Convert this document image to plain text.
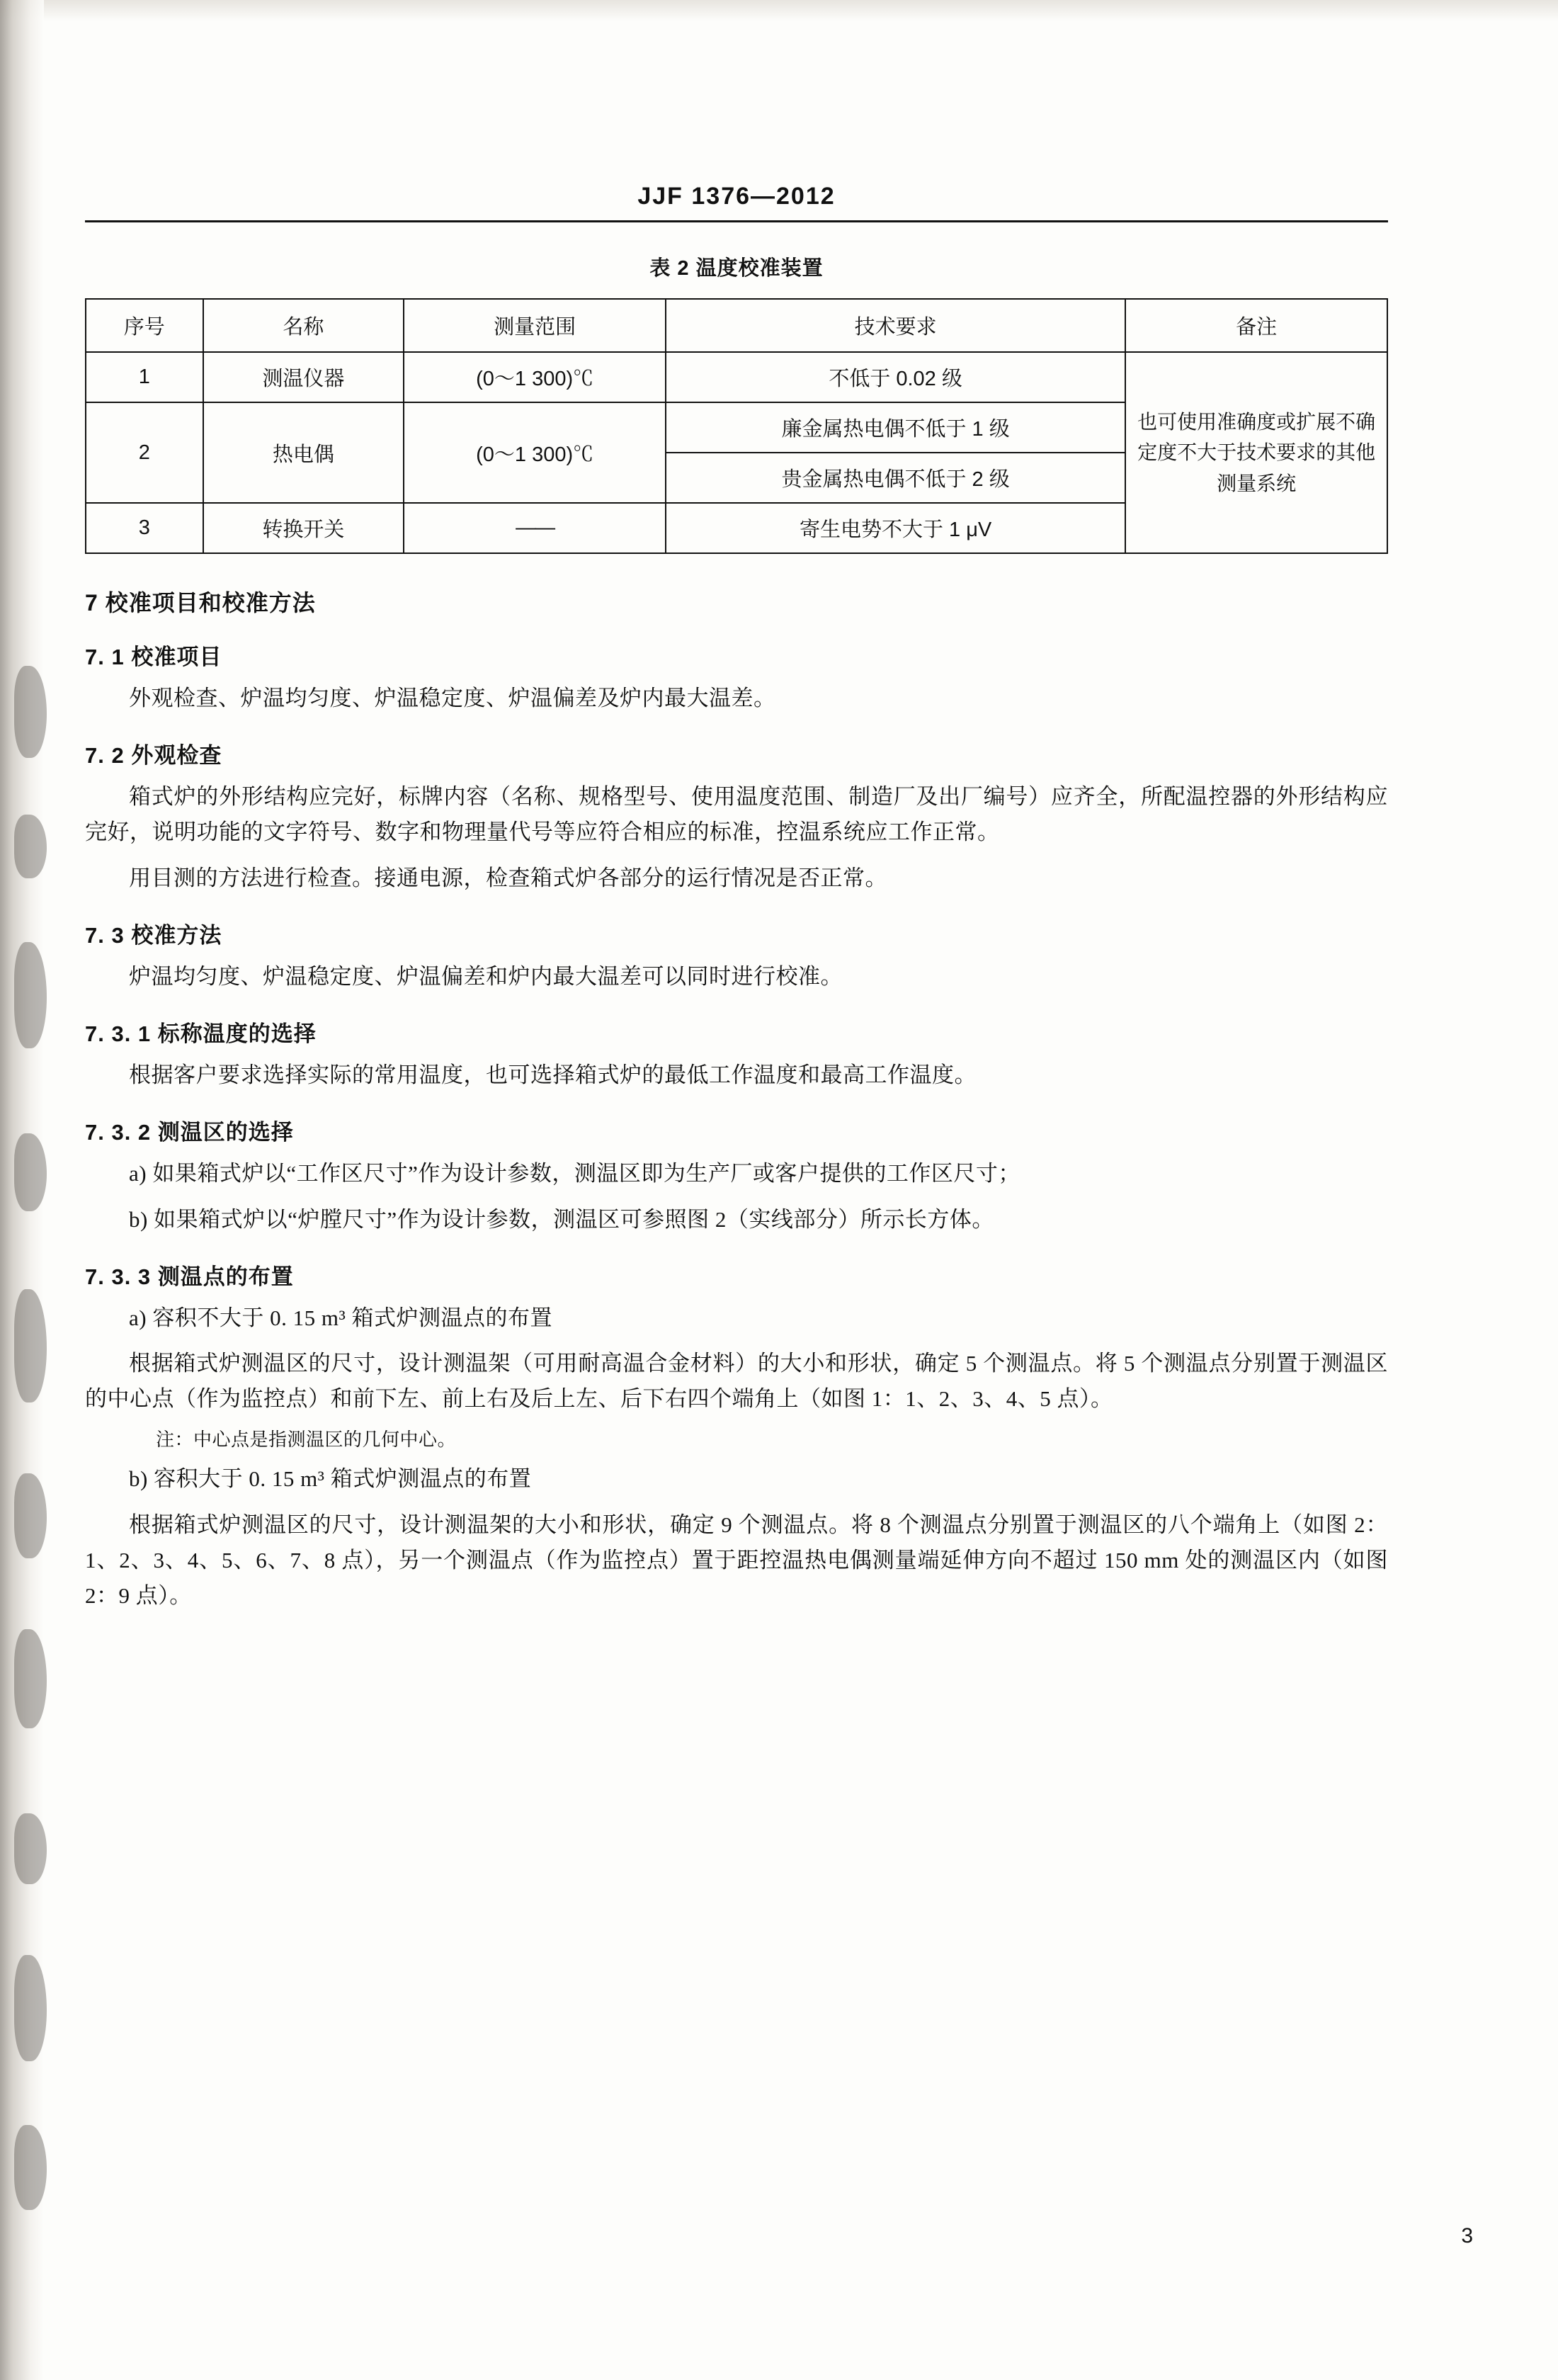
JJF 1376—2012
表 2 温度校准装置
序号	名称	测量范围	技术要求	备注
1	测温仪器	(0～1 300)℃	不低于 0.02 级	也可使用准确度或扩展不确定度不大于技术要求的其他测量系统
2	热电偶	(0～1 300)℃	廉金属热电偶不低于 1 级	
			贵金属热电偶不低于 2 级	
3	转换开关	——	寄生电势不大于 1 μV	
7 校准项目和校准方法
7. 1 校准项目

外观检查、炉温均匀度、炉温稳定度、炉温偏差及炉内最大温差。

7. 2 外观检查

箱式炉的外形结构应完好，标牌内容（名称、规格型号、使用温度范围、制造厂及出厂编号）应齐全，所配温控器的外形结构应完好，说明功能的文字符号、数字和物理量代号等应符合相应的标准，控温系统应工作正常。

用目测的方法进行检查。接通电源，检查箱式炉各部分的运行情况是否正常。

7. 3 校准方法

炉温均匀度、炉温稳定度、炉温偏差和炉内最大温差可以同时进行校准。

7. 3. 1 标称温度的选择

根据客户要求选择实际的常用温度，也可选择箱式炉的最低工作温度和最高工作温度。

7. 3. 2 测温区的选择

a) 如果箱式炉以“工作区尺寸”作为设计参数，测温区即为生产厂或客户提供的工作区尺寸；

b) 如果箱式炉以“炉膛尺寸”作为设计参数，测温区可参照图 2（实线部分）所示长方体。

7. 3. 3 测温点的布置

a) 容积不大于 0. 15 m³ 箱式炉测温点的布置

根据箱式炉测温区的尺寸，设计测温架（可用耐高温合金材料）的大小和形状，确定 5 个测温点。将 5 个测温点分别置于测温区的中心点（作为监控点）和前下左、前上右及后上左、后下右四个端角上（如图 1：1、2、3、4、5 点）。

注：中心点是指测温区的几何中心。

b) 容积大于 0. 15 m³ 箱式炉测温点的布置

根据箱式炉测温区的尺寸，设计测温架的大小和形状，确定 9 个测温点。将 8 个测温点分别置于测温区的八个端角上（如图 2：1、2、3、4、5、6、7、8 点），另一个测温点（作为监控点）置于距控温热电偶测量端延伸方向不超过 150 mm 处的测温区内（如图 2：9 点）。

3
